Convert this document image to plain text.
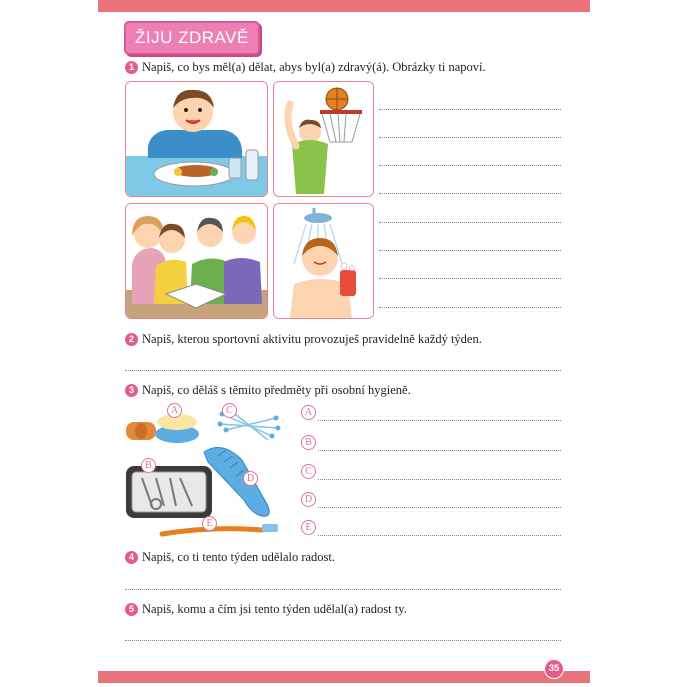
ŽIJU ZDRAVĚ
1 Napiš, co bys měl(a) dělat, abys byl(a) zdravý(á). Obrázky ti napoví.
2 Napiš, kterou sportovní aktivitu provozuješ pravidelně každý týden.
3 Napiš, co děláš s těmito předměty při osobní hygieně.
A	C
B
D
E
A
B
C
D
E
4 Napiš, co ti tento týden udělalo radost.
5 Napiš, komu a čím jsi tento týden udělal(a) radost ty.
35
